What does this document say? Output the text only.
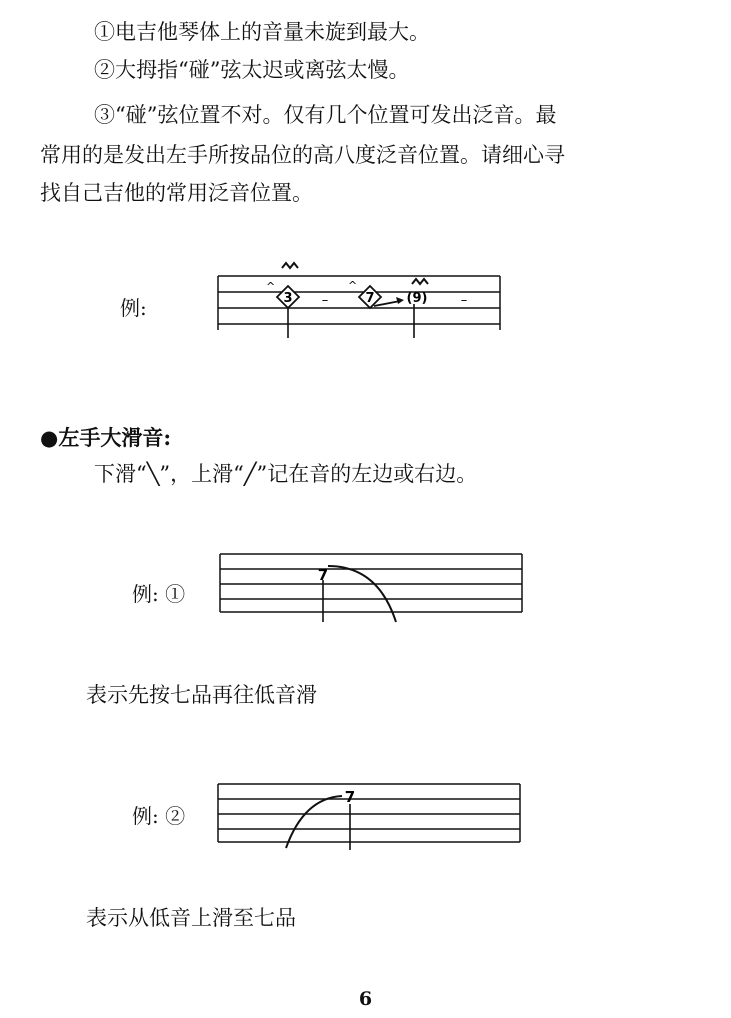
①电吉他琴体上的音量未旋到最大。
②大拇指“碰”弦太迟或离弦太慢。
③“碰”弦位置不对。仅有几个位置可发出泛音。最
常用的是发出左手所按品位的高八度泛音位置。请细心寻
找自己吉他的常用泛音位置。
例:
^
3 –
^
7 (9)	–
●左手大滑音:
下滑“╲”，上滑“╱”记在音的左边或右边。
例: ①
7
表示先按七品再往低音滑
例: ②
7
表示从低音上滑至七品
6
